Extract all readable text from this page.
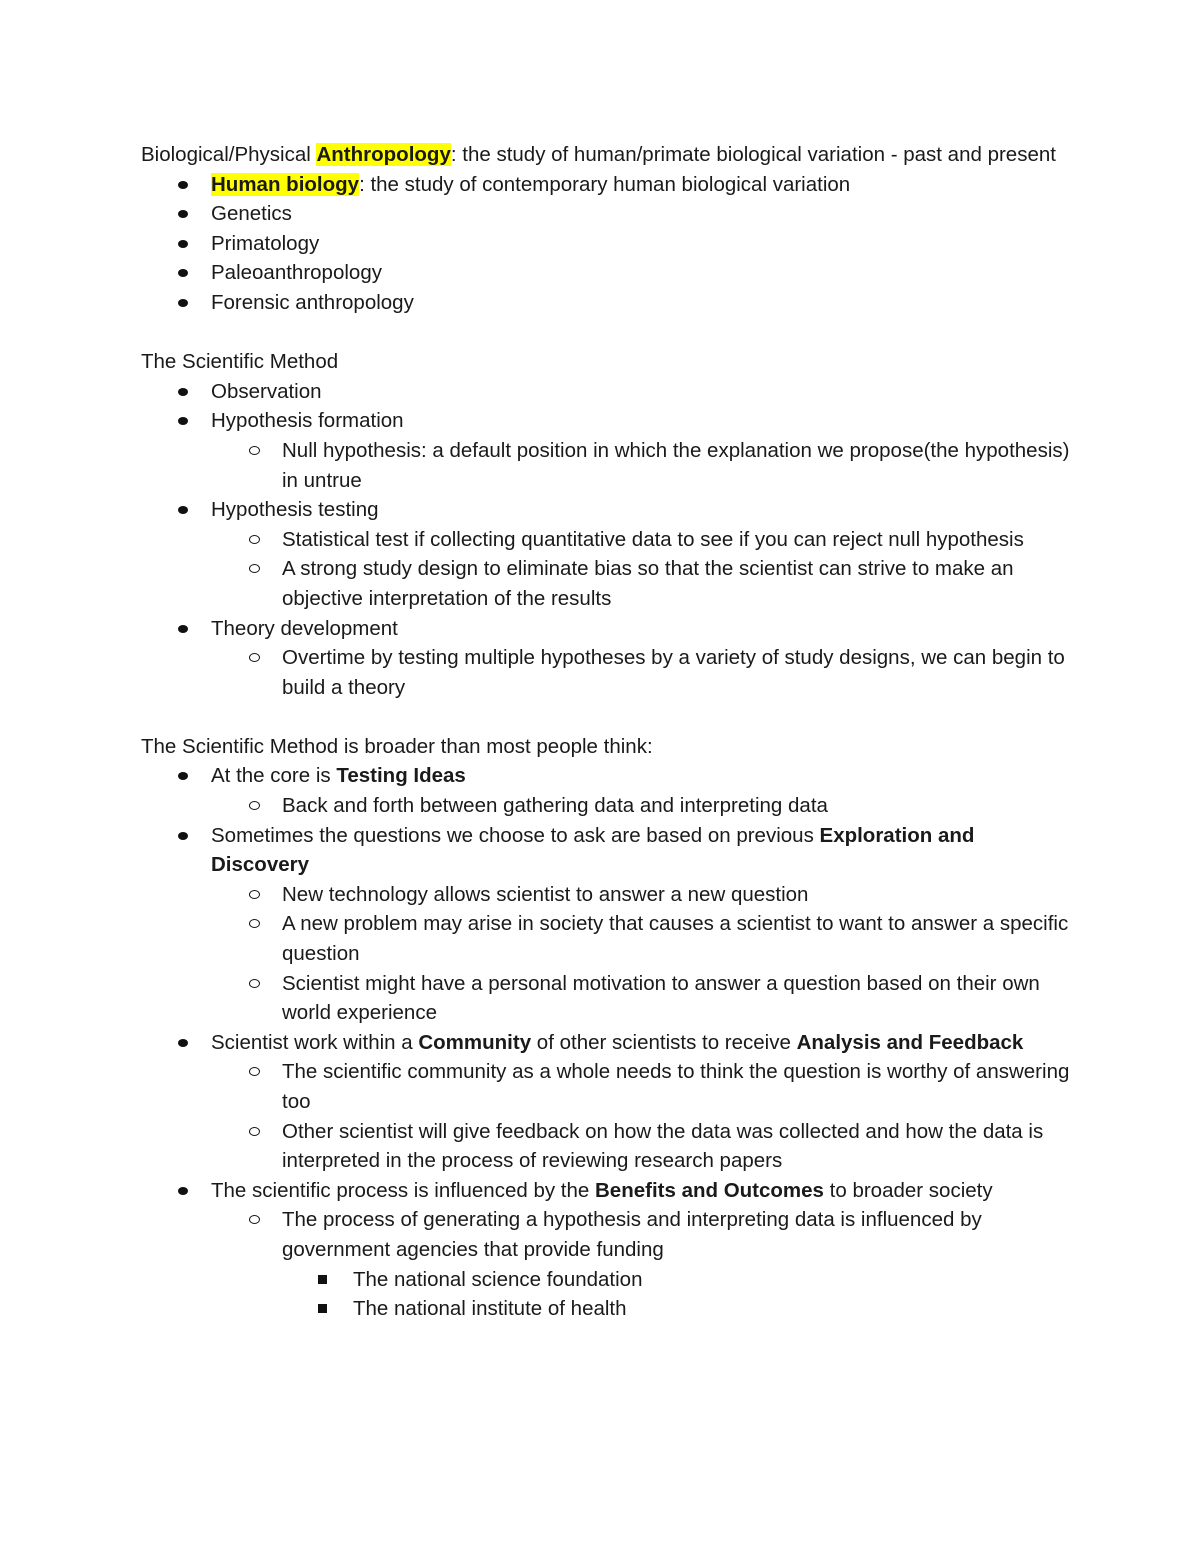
Biological/Physical Anthropology: the study of human/primate biological variation - past and present

Human biology: the study of contemporary human biological variation
Genetics
Primatology
Paleoanthropology
Forensic anthropology

The Scientific Method

Observation
Hypothesis formation
Null hypothesis: a default position in which the explanation we propose(the hypothesis) in untrue
Hypothesis testing
Statistical test if collecting quantitative data to see if you can reject null hypothesis
A strong study design to eliminate bias so that the scientist can strive to make an objective interpretation of the results
Theory development
Overtime by testing multiple hypotheses by a variety of study designs, we can begin to build a theory

The Scientific Method is broader than most people think:

At the core is Testing Ideas
Back and forth between gathering data and interpreting data
Sometimes the questions we choose to ask are based on previous Exploration and Discovery
New technology allows scientist to answer a new question
A new problem may arise in society that causes a scientist to want to answer a specific question
Scientist might have a personal motivation to answer a question based on their own world experience
Scientist work within a Community of other scientists to receive Analysis and Feedback
The scientific community as a whole needs to think the question is worthy of answering too
Other scientist will give feedback on how the data was collected and how the data is interpreted in the process of reviewing research papers
The scientific process is influenced by the Benefits and Outcomes to broader society
The process of generating a hypothesis and interpreting data is influenced by government agencies that provide funding
The national science foundation
The national institute of health
